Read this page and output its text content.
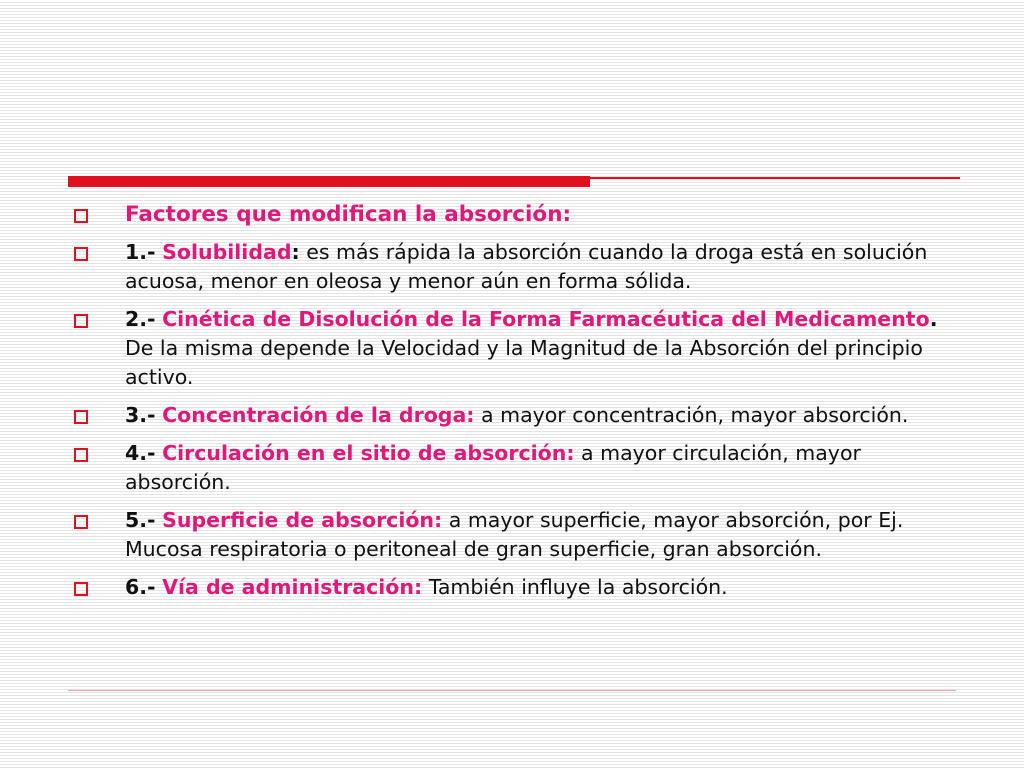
Factores que modifican la absorción:
1.- Solubilidad: es más rápida la absorción cuando la droga está en solución acuosa, menor en oleosa y menor aún en forma sólida.
2.- Cinética de Disolución de la Forma Farmacéutica del Medicamento. De la misma depende la Velocidad y la Magnitud de la Absorción del principio activo.
3.- Concentración de la droga: a mayor concentración, mayor absorción.
4.- Circulación en el sitio de absorción: a mayor circulación, mayor absorción.
5.- Superficie de absorción: a mayor superficie, mayor absorción, por Ej. Mucosa respiratoria o peritoneal de gran superficie, gran absorción.
6.- Vía de administración: También influye la absorción.
